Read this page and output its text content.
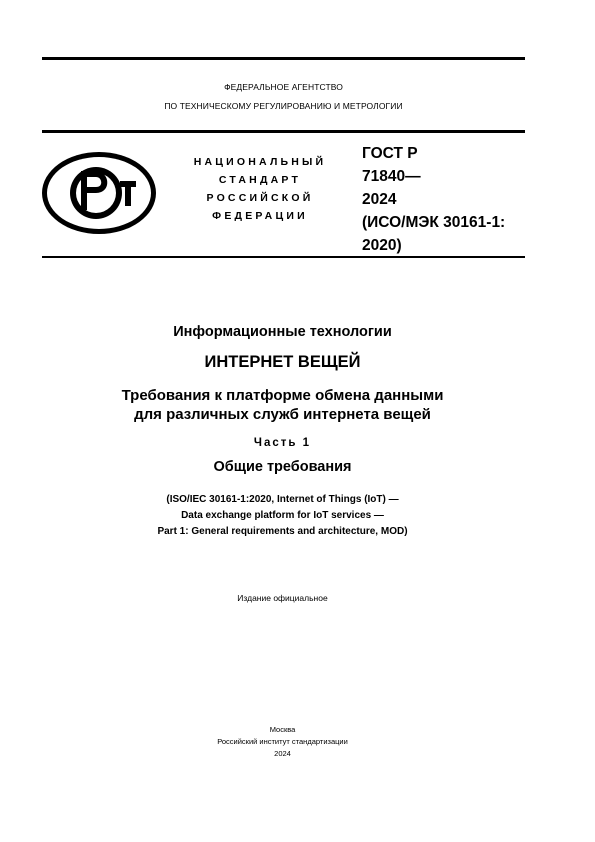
ФЕДЕРАЛЬНОЕ АГЕНТСТВО
ПО ТЕХНИЧЕСКОМУ РЕГУЛИРОВАНИЮ И МЕТРОЛОГИИ
НАЦИОНАЛЬНЫЙ
СТАНДАРТ
РОССИЙСКОЙ
ФЕДЕРАЦИИ
ГОСТ Р
71840—
2024
(ИСО/МЭК 30161-1:
2020)
Информационные технологии
ИНТЕРНЕТ ВЕЩЕЙ
Требования к платформе обмена данными
для различных служб интернета вещей
Часть 1
Общие требования
(ISO/IEC 30161-1:2020, Internet of Things (IoT) —
Data exchange platform for IoT services —
Part 1: General requirements and architecture, MOD)
Издание официальное
Москва
Российский институт стандартизации
2024
